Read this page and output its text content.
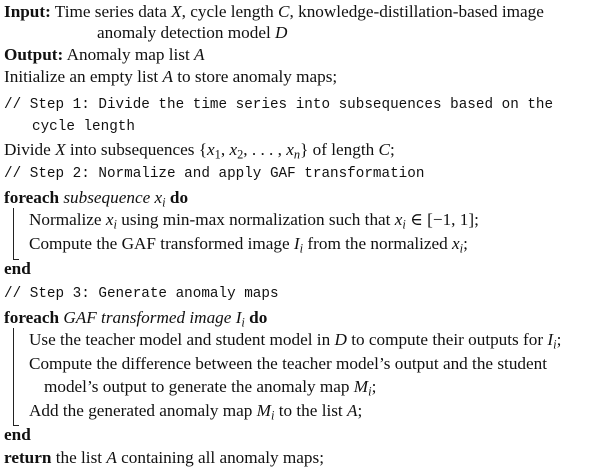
Input: Time series data X, cycle length C, knowledge-distillation-based image
anomaly detection model D
Output: Anomaly map list A
Initialize an empty list A to store anomaly maps;
// Step 1: Divide the time series into subsequences based on the
cycle length
Divide X into subsequences {$x_1$, $x_2$, . . . , $x_n$} of length C;
// Step 2: Normalize and apply GAF transformation
foreach subsequence $x_i$ do
Normalize $x_i$ using min-max normalization such that $x_i$ ∈ [−1, 1];
Compute the GAF transformed image $I_i$ from the normalized $x_i$;
end
// Step 3: Generate anomaly maps
foreach GAF transformed image $I_i$ do
Use the teacher model and student model in D to compute their outputs for $I_i$;
Compute the difference between the teacher model’s output and the student
model’s output to generate the anomaly map $M_i$;
Add the generated anomaly map $M_i$ to the list A;
end
return the list A containing all anomaly maps;
